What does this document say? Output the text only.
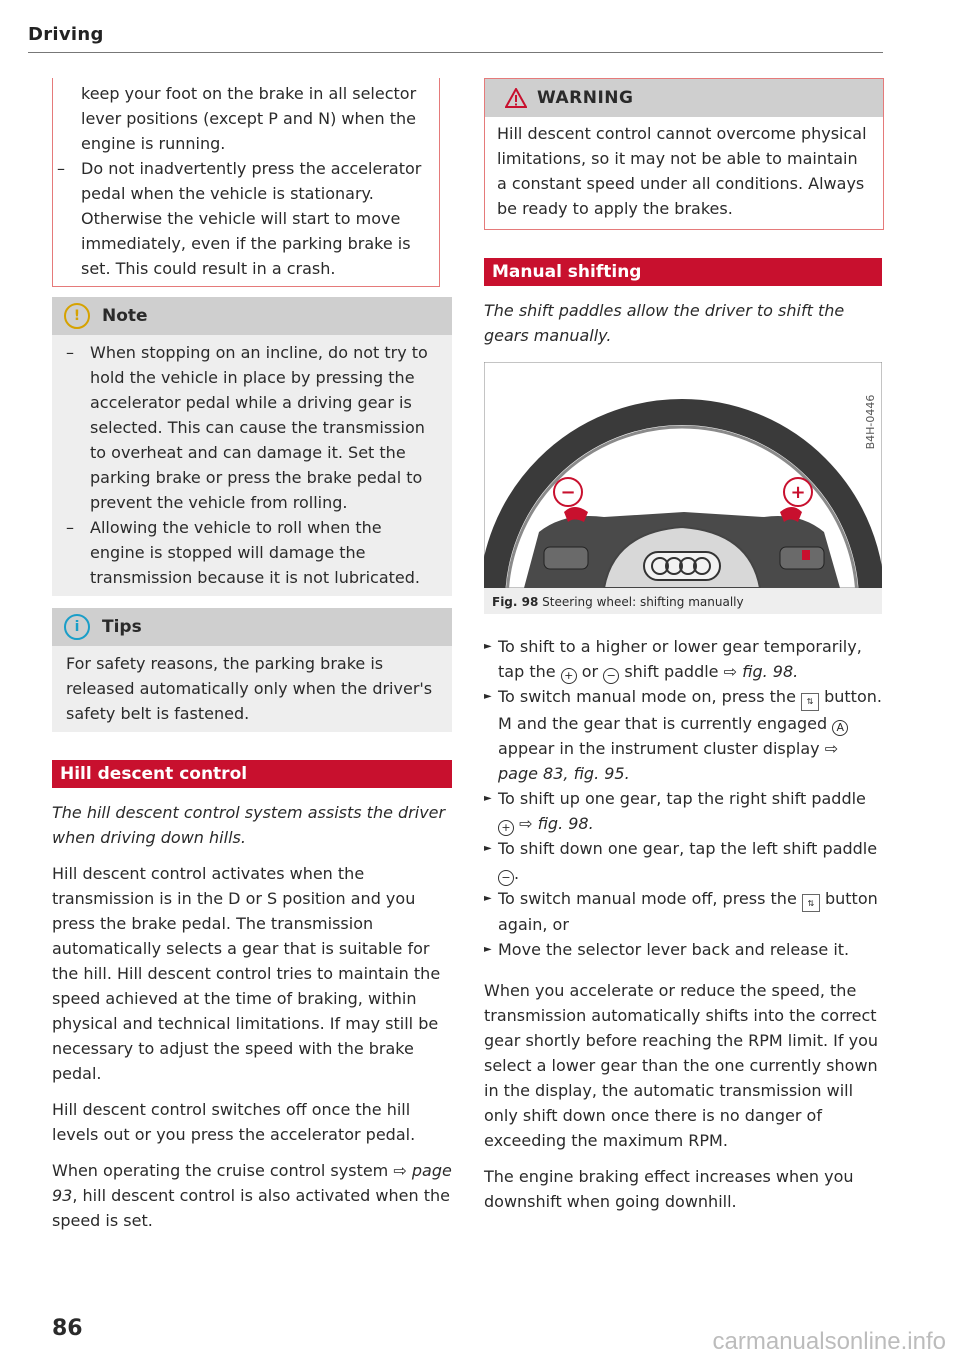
Driving
keep your foot on the brake in all selector lever positions (except P and N) when the engine is running.
– Do not inadvertently press the accelerator pedal when the vehicle is stationary. Otherwise the vehicle will start to move immediately, even if the parking brake is set. This could result in a crash.
!	Note
– When stopping on an incline, do not try to hold the vehicle in place by pressing the accelerator pedal while a driving gear is selected. This can cause the transmission to overheat and can damage it. Set the parking brake or press the brake pedal to prevent the vehicle from rolling.
– Allowing the vehicle to roll when the engine is stopped will damage the transmission because it is not lubricated.
i	Tips
For safety reasons, the parking brake is released automatically only when the driver's safety belt is fastened.
Hill descent control

The hill descent control system assists the driver when driving down hills.

Hill descent control activates when the transmission is in the D or S position and you press the brake pedal. The transmission automatically selects a gear that is suitable for the hill. Hill descent control tries to maintain the speed achieved at the time of braking, within physical and technical limitations. If may still be necessary to adjust the speed with the brake pedal.

Hill descent control switches off once the hill levels out or you press the accelerator pedal.

When operating the cruise control system ⇨ page 93, hill descent control is also activated when the speed is set.

WARNING
Hill descent control cannot overcome physical limitations, so it may not be able to maintain a constant speed under all conditions. Always be ready to apply the brakes.
Manual shifting

The shift paddles allow the driver to shift the gears manually.

−	+
B4H-0446
Fig. 98 Steering wheel: shifting manually
► To shift to a higher or lower gear temporarily, tap the + or − shift paddle ⇨ fig. 98.
► To switch manual mode on, press the ⇅ button. M and the gear that is currently engaged A appear in the instrument cluster display ⇨ page 83, fig. 95.
► To shift up one gear, tap the right shift paddle + ⇨ fig. 98.
► To shift down one gear, tap the left shift paddle − .
► To switch manual mode off, press the ⇅ button again, or
► Move the selector lever back and release it.

When you accelerate or reduce the speed, the transmission automatically shifts into the correct gear shortly before reaching the RPM limit. If you select a lower gear than the one currently shown in the display, the automatic transmission will only shift down once there is no danger of exceeding the maximum RPM.

The engine braking effect increases when you downshift when going downhill.

86	carmanualsonline.info
